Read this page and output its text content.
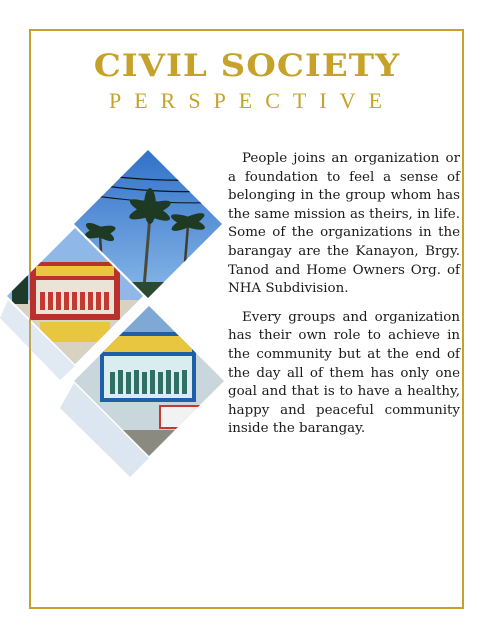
CIVIL SOCIETY
PERSPECTIVE

People joins an organization or a foundation to feel a sense of belonging in the group whom has the same mission as theirs, in life. Some of the organizations in the barangay are the Kanayon, Brgy. Tanod and Home Owners Org. of NHA Subdivision.

Every groups and organization has their own role to achieve in the community but at the end of the day all of them has only one goal and that is to have a healthy, happy and peaceful community inside the barangay.
